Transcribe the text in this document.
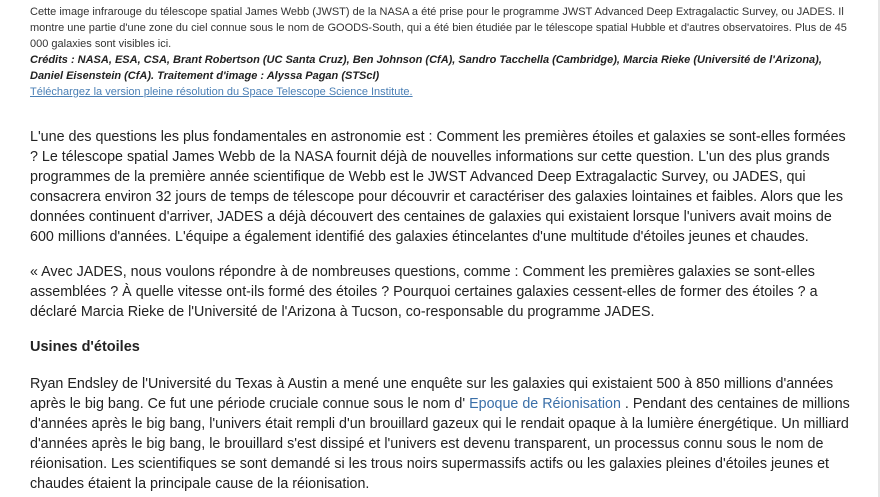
Cette image infrarouge du télescope spatial James Webb (JWST) de la NASA a été prise pour le programme JWST Advanced Deep Extragalactic Survey, ou JADES. Il montre une partie d'une zone du ciel connue sous le nom de GOODS-South, qui a été bien étudiée par le télescope spatial Hubble et d'autres observatoires. Plus de 45 000 galaxies sont visibles ici.

Crédits : NASA, ESA, CSA, Brant Robertson (UC Santa Cruz), Ben Johnson (CfA), Sandro Tacchella (Cambridge), Marcia Rieke (Université de l'Arizona), Daniel Eisenstein (CfA). Traitement d'image : Alyssa Pagan (STScI)

Téléchargez la version pleine résolution du Space Telescope Science Institute.

L'une des questions les plus fondamentales en astronomie est : Comment les premières étoiles et galaxies se sont-elles formées ? Le télescope spatial James Webb de la NASA fournit déjà de nouvelles informations sur cette question. L'un des plus grands programmes de la première année scientifique de Webb est le JWST Advanced Deep Extragalactic Survey, ou JADES, qui consacrera environ 32 jours de temps de télescope pour découvrir et caractériser des galaxies lointaines et faibles. Alors que les données continuent d'arriver, JADES a déjà découvert des centaines de galaxies qui existaient lorsque l'univers avait moins de 600 millions d'années. L'équipe a également identifié des galaxies étincelantes d'une multitude d'étoiles jeunes et chaudes.

« Avec JADES, nous voulons répondre à de nombreuses questions, comme : Comment les premières galaxies se sont-elles assemblées ? À quelle vitesse ont-ils formé des étoiles ? Pourquoi certaines galaxies cessent-elles de former des étoiles ? a déclaré Marcia Rieke de l'Université de l'Arizona à Tucson, co-responsable du programme JADES.

Usines d'étoiles

Ryan Endsley de l'Université du Texas à Austin a mené une enquête sur les galaxies qui existaient 500 à 850 millions d'années après le big bang. Ce fut une période cruciale connue sous le nom d' Epoque de Réionisation . Pendant des centaines de millions d'années après le big bang, l'univers était rempli d'un brouillard gazeux qui le rendait opaque à la lumière énergétique. Un milliard d'années après le big bang, le brouillard s'est dissipé et l'univers est devenu transparent, un processus connu sous le nom de réionisation. Les scientifiques se sont demandé si les trous noirs supermassifs actifs ou les galaxies pleines d'étoiles jeunes et chaudes étaient la principale cause de la réionisation.
